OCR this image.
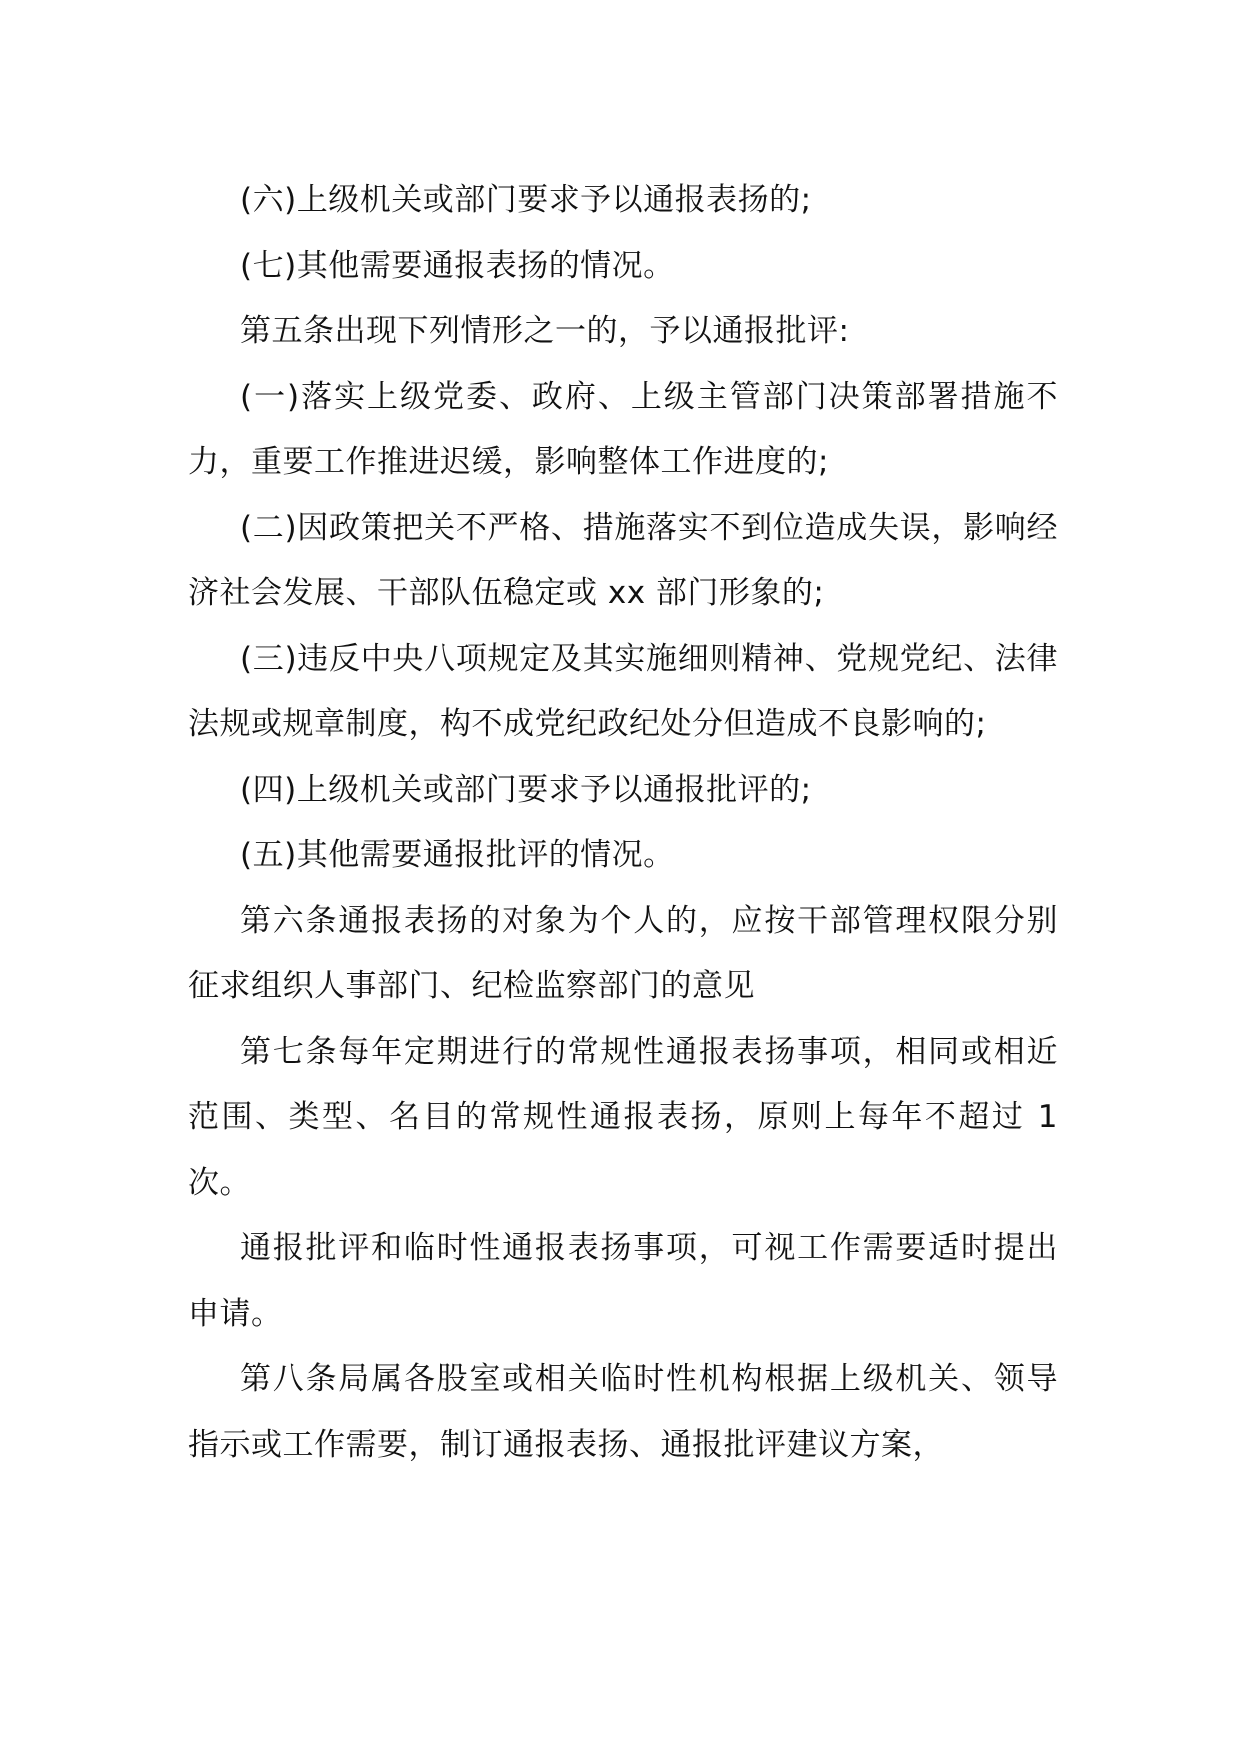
(六)上级机关或部门要求予以通报表扬的;

(七)其他需要通报表扬的情况。

第五条出现下列情形之一的，予以通报批评:

(一)落实上级党委、政府、上级主管部门决策部署措施不力，重要工作推进迟缓，影响整体工作进度的;

(二)因政策把关不严格、措施落实不到位造成失误，影响经济社会发展、干部队伍稳定或 xx 部门形象的;

(三)违反中央八项规定及其实施细则精神、党规党纪、法律法规或规章制度，构不成党纪政纪处分但造成不良影响的;

(四)上级机关或部门要求予以通报批评的;

(五)其他需要通报批评的情况。

第六条通报表扬的对象为个人的，应按干部管理权限分别征求组织人事部门、纪检监察部门的意见

第七条每年定期进行的常规性通报表扬事项，相同或相近范围、类型、名目的常规性通报表扬，原则上每年不超过 1 次。

通报批评和临时性通报表扬事项，可视工作需要适时提出申请。

第八条局属各股室或相关临时性机构根据上级机关、领导指示或工作需要，制订通报表扬、通报批评建议方案，
